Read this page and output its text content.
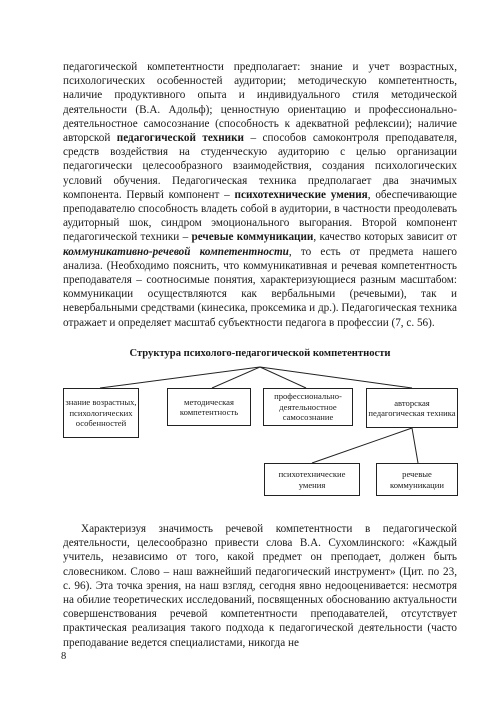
педагогической компетентности предполагает: знание и учет возрастных, психологических особенностей аудитории; методическую компетентность, наличие продуктивного опыта и индивидуального стиля методической деятельности (В.А. Адольф); ценностную ориентацию и профессионально-деятельностное самосознание (способность к адекватной рефлексии); наличие авторской педагогической техники – способов самоконтроля преподавателя, средств воздействия на студенческую аудиторию с целью организации педагогически целесообразного взаимодействия, создания психологических условий обучения. Педагогическая техника предполагает два значимых компонента. Первый компонент – психотехнические умения, обеспечивающие преподавателю способность владеть собой в аудитории, в частности преодолевать аудиторный шок, синдром эмоционального выгорания. Второй компонент педагогической техники – речевые коммуникации, качество которых зависит от коммуникативно-речевой компетентности, то есть от предмета нашего анализа. (Необходимо пояснить, что коммуникативная и речевая компетентность преподавателя – соотносимые понятия, характеризующиеся разным масштабом: коммуникации осуществляются как вербальными (речевыми), так и невербальными средствами (кинесика, проксемика и др.). Педагогическая техника отражает и определяет масштаб субъектности педагога в профессии (7, с. 56).

Структура психолого-педагогической компетентности
знание возрастных, психологических особенностей
методическая компетентность
профессионально-деятельностное самосознание
авторская педагогическая техника
психотехнические умения
речевые коммуникации

Характеризуя значимость речевой компетентности в педагогической деятельности, целесообразно привести слова В.А. Сухомлинского: «Каждый учитель, независимо от того, какой предмет он преподает, должен быть словесником. Слово – наш важнейший педагогический инструмент» (Цит. по 23, с. 96). Эта точка зрения, на наш взгляд, сегодня явно недооценивается: несмотря на обилие теоретических исследований, посвященных обоснованию актуальности совершенствования речевой компетентности преподавателей, отсутствует практическая реализация такого подхода к педагогической деятельности (часто преподавание ведется специалистами, никогда не

8
